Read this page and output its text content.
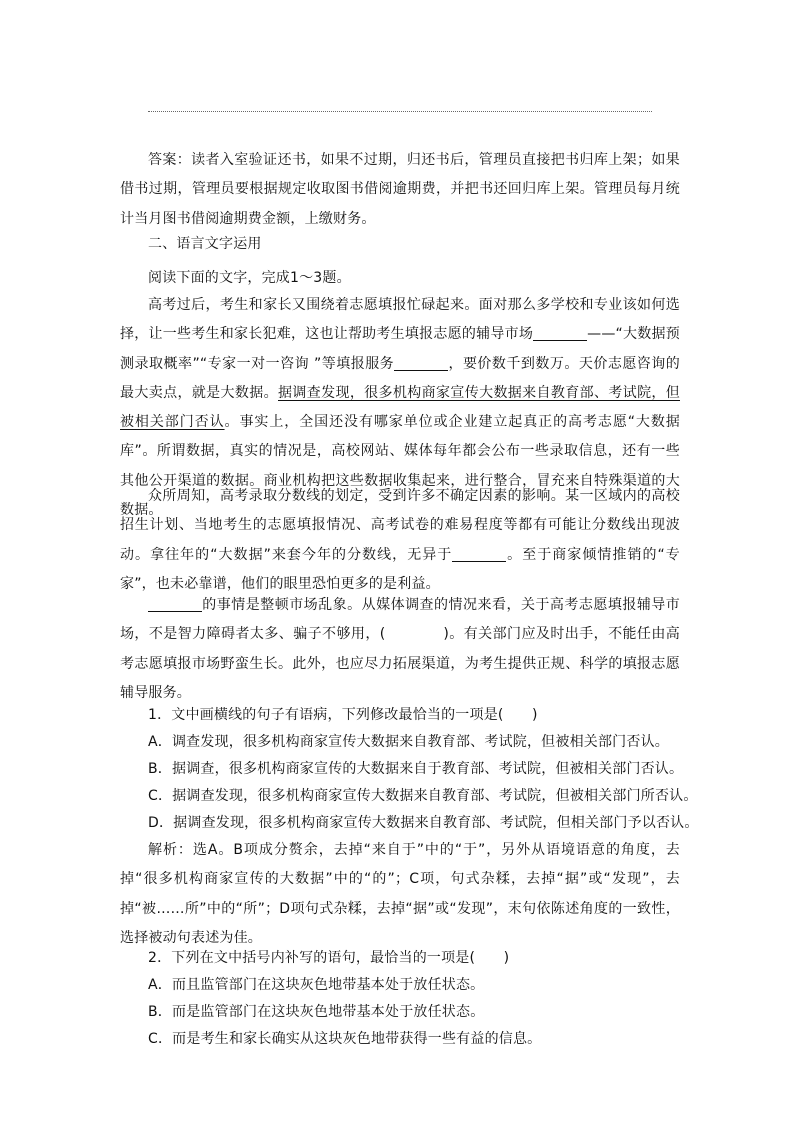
答案：读者入室验证还书，如果不过期，归还书后，管理员直接把书归库上架；如果借书过期，管理员要根据规定收取图书借阅逾期费，并把书还回归库上架。管理员每月统计当月图书借阅逾期费金额，上缴财务。

二、语言文字运用

阅读下面的文字，完成1～3题。

高考过后，考生和家长又围绕着志愿填报忙碌起来。面对那么多学校和专业该如何选择，让一些考生和家长犯难，这也让帮助考生填报志愿的辅导市场	——“大数据预测录取概率”“专家一对一咨询 ”等填报服务	，要价数千到数万。天价志愿咨询的最大卖点，就是大数据。据调查发现，很多机构商家宣传大数据来自教育部、考试院，但被相关部门否认。事实上，全国还没有哪家单位或企业建立起真正的高考志愿“大数据库”。所谓数据，真实的情况是，高校网站、媒体每年都会公布一些录取信息，还有一些其他公开渠道的数据。商业机构把这些数据收集起来，进行整合，冒充来自特殊渠道的大数据。

众所周知，高考录取分数线的划定，受到许多不确定因素的影响。某一区域内的高校招生计划、当地考生的志愿填报情况、高考试卷的难易程度等都有可能让分数线出现波动。拿往年的“大数据”来套今年的分数线，无异于	。至于商家倾情推销的“专家”，也未必靠谱，他们的眼里恐怕更多的是利益。

的事情是整顿市场乱象。从媒体调查的情况来看，关于高考志愿填报辅导市场，不是智力障碍者太多、骗子不够用，(　　　　)。有关部门应及时出手，不能任由高考志愿填报市场野蛮生长。此外，也应尽力拓展渠道，为考生提供正规、科学的填报志愿辅导服务。

1．文中画横线的句子有语病，下列修改最恰当的一项是(　　)

A．调查发现，很多机构商家宣传大数据来自教育部、考试院，但被相关部门否认。

B．据调查，很多机构商家宣传的大数据来自于教育部、考试院，但被相关部门否认。

C．据调查发现，很多机构商家宣传大数据来自教育部、考试院，但被相关部门所否认。

D．据调查发现，很多机构商家宣传大数据来自教育部、考试院，但相关部门予以否认。

解析：选A。B项成分赘余，去掉“来自于”中的“于”，另外从语境语意的角度，去掉“很多机构商家宣传的大数据”中的“的”；C项，句式杂糅，去掉“据”或“发现”，去掉“被……所”中的“所”；D项句式杂糅，去掉“据”或“发现”，末句依陈述角度的一致性，选择被动句表述为佳。

2．下列在文中括号内补写的语句，最恰当的一项是(　　)

A．而且监管部门在这块灰色地带基本处于放任状态。

B．而是监管部门在这块灰色地带基本处于放任状态。

C．而是考生和家长确实从这块灰色地带获得一些有益的信息。
